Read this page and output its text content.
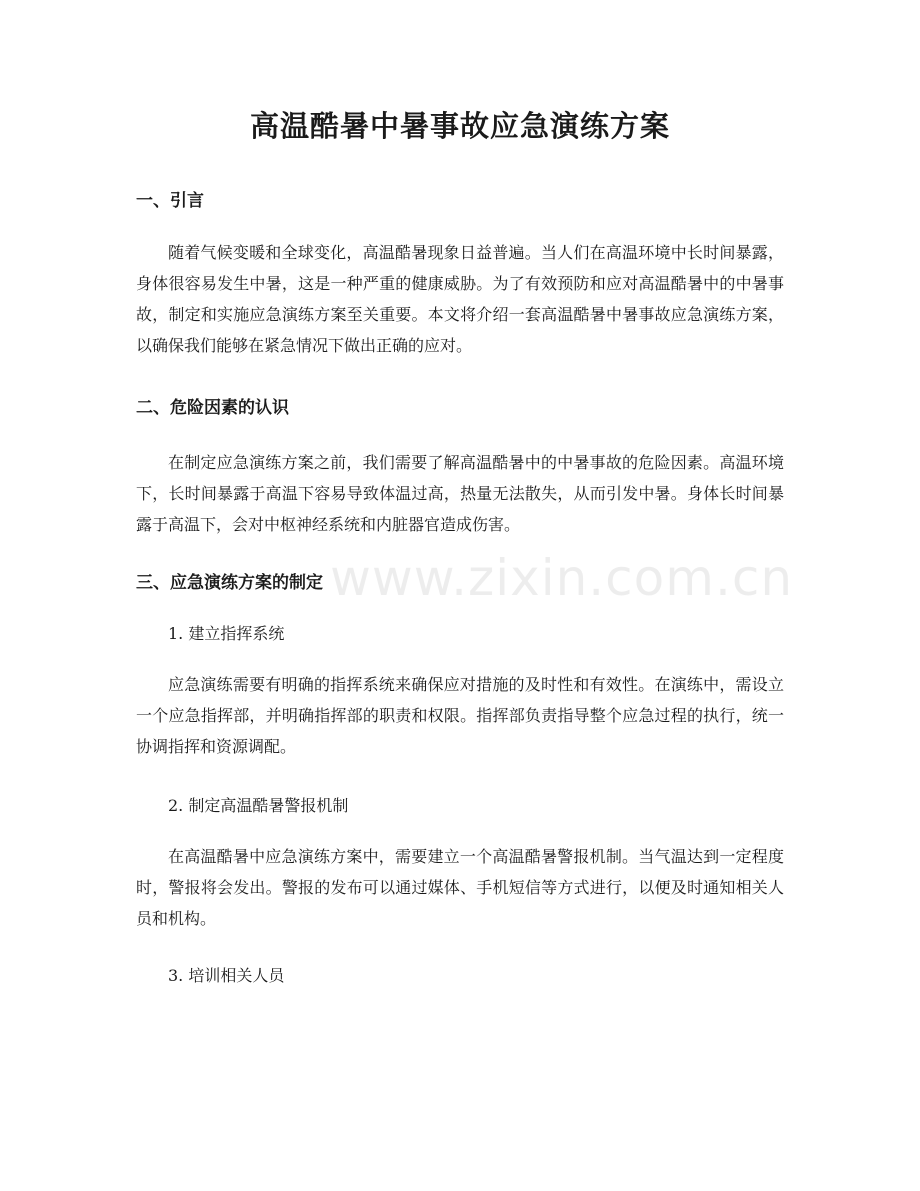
高温酷暑中暑事故应急演练方案
一、引言

随着气候变暖和全球变化，高温酷暑现象日益普遍。当人们在高温环境中长时间暴露，身体很容易发生中暑，这是一种严重的健康威胁。为了有效预防和应对高温酷暑中的中暑事故，制定和实施应急演练方案至关重要。本文将介绍一套高温酷暑中暑事故应急演练方案，以确保我们能够在紧急情况下做出正确的应对。

二、危险因素的认识

在制定应急演练方案之前，我们需要了解高温酷暑中的中暑事故的危险因素。高温环境下，长时间暴露于高温下容易导致体温过高，热量无法散失，从而引发中暑。身体长时间暴露于高温下，会对中枢神经系统和内脏器官造成伤害。

三、应急演练方案的制定

1. 建立指挥系统

应急演练需要有明确的指挥系统来确保应对措施的及时性和有效性。在演练中，需设立一个应急指挥部，并明确指挥部的职责和权限。指挥部负责指导整个应急过程的执行，统一协调指挥和资源调配。

2. 制定高温酷暑警报机制

在高温酷暑中应急演练方案中，需要建立一个高温酷暑警报机制。当气温达到一定程度时，警报将会发出。警报的发布可以通过媒体、手机短信等方式进行，以便及时通知相关人员和机构。

3. 培训相关人员

www.zixin.com.cn
